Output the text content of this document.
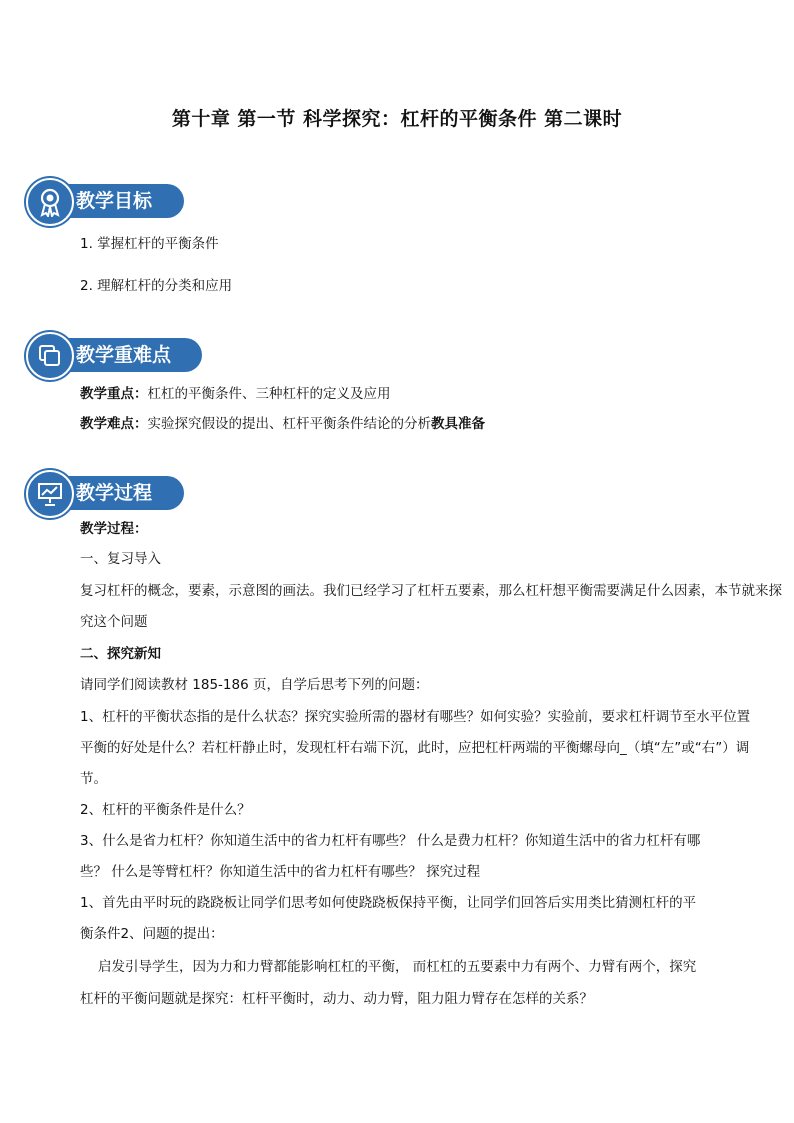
第十章 第一节 科学探究：杠杆的平衡条件 第二课时
教学目标
1. 掌握杠杆的平衡条件
2. 理解杠杆的分类和应用
教学重难点
教学重点：杠杠的平衡条件、三种杠杆的定义及应用
教学难点：实验探究假设的提出、杠杆平衡条件结论的分析教具准备
教学过程
教学过程：
一、复习导入
复习杠杆的概念，要素，示意图的画法。我们已经学习了杠杆五要素，那么杠杆想平衡需要满足什么因素，本节就来探
究这个问题
二、探究新知
请同学们阅读教材 185-186 页，自学后思考下列的问题：
1、杠杆的平衡状态指的是什么状态？探究实验所需的器材有哪些？如何实验？实验前，要求杠杆调节至水平位置
平衡的好处是什么？若杠杆静止时，发现杠杆右端下沉，此时，应把杠杆两端的平衡螺母向_（填“左”或“右”）调
节。
2、杠杆的平衡条件是什么？
3、什么是省力杠杆？你知道生活中的省力杠杆有哪些？ 什么是费力杠杆？你知道生活中的省力杠杆有哪
些？ 什么是等臂杠杆？你知道生活中的省力杠杆有哪些？ 探究过程
1、首先由平时玩的跷跷板让同学们思考如何使跷跷板保持平衡，让同学们回答后实用类比猜测杠杆的平
衡条件2、问题的提出：
启发引导学生，因为力和力臂都能影响杠杠的平衡， 而杠杠的五要素中力有两个、力臂有两个，探究
杠杆的平衡问题就是探究：杠杆平衡时，动力、动力臂，阻力阻力臂存在怎样的关系？
